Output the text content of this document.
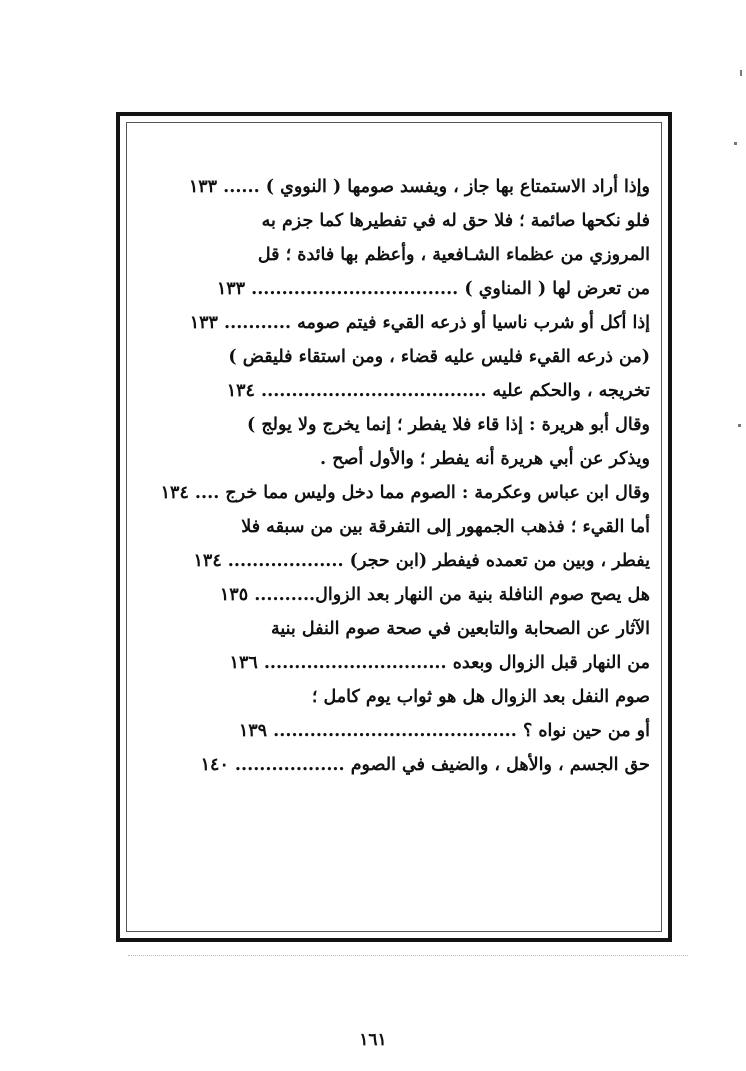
وإذا أراد الاستمتاع بها جاز ، ويفسد صومها ( النووي ) ...... ١٣٣
فلو نكحها صائمة ؛ فلا حق له في تفطيرها كما جزم به
المروزي من عظماء الشـافعية ، وأعظم بها فائدة ؛ قل
من تعرض لها ( المناوي ) .................................. ١٣٣
إذا أكل أو شرب ناسيا أو ذرعه القيء فيتم صومه ........... ١٣٣
(من ذرعه القيء فليس عليه قضاء ، ومن استقاء فليقض )
تخريجه ، والحكم عليه ..................................... ١٣٤
وقال أبو هريرة : إذا قاء فلا يفطر ؛ إنما يخرج ولا يولج )
ويذكر عن أبي هريرة أنه يفطر ؛ والأول أصح .
وقال ابن عباس وعكرمة : الصوم مما دخل وليس مما خرج .... ١٣٤
أما القيء ؛ فذهب الجمهور إلى التفرقة بين من سبقه فلا
يفطر ، وبين من تعمده فيفطر (ابن حجر) ................... ١٣٤
هل يصح صوم النافلة بنية من النهار بعد الزوال.......... ١٣٥
الآثار عن الصحابة والتابعين في صحة صوم النفل بنية
من النهار قبل الزوال وبعده .............................. ١٣٦
صوم النفل بعد الزوال هل هو ثواب يوم كامل ؛
أو من حين نواه ؟ ........................................ ١٣٩
حق الجسم ، والأهل ، والضيف في الصوم .................. ١٤٠
١٦١
